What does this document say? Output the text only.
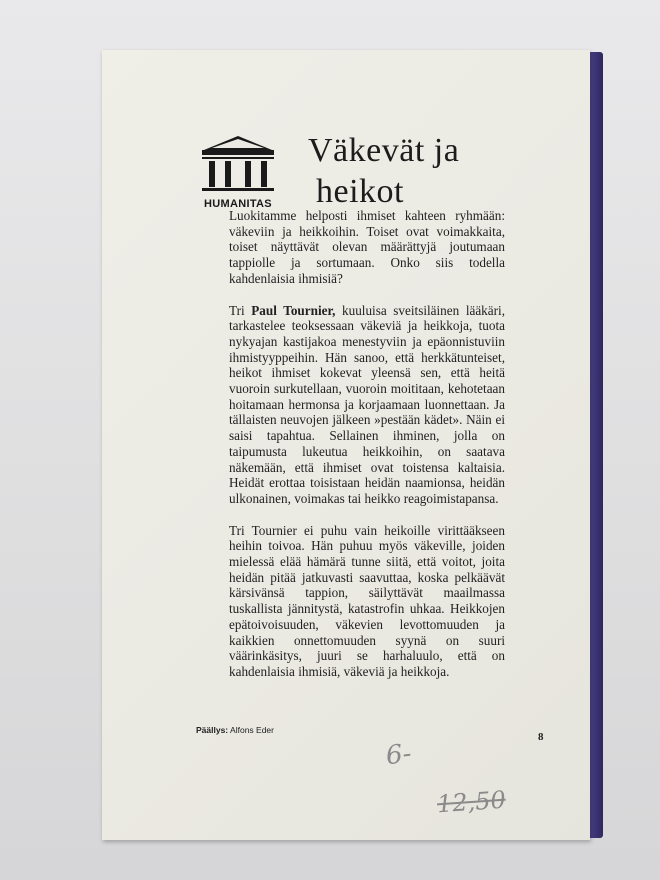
HUMANITAS
Väkevät ja
heikot

Luokitamme helposti ihmiset kahteen ryhmään: väkeviin ja heikkoihin. Toiset ovat voimakkaita, toiset näyttävät olevan määrättyjä joutumaan tappiolle ja sortumaan. Onko siis todella kahdenlaisia ihmisiä?

Tri Paul Tournier, kuuluisa sveitsiläinen lääkäri, tarkastelee teoksessaan väkeviä ja heikkoja, tuota nykyajan kastijakoa menestyviin ja epäonnistuviin ihmistyyppeihin. Hän sanoo, että herkkätunteiset, heikot ihmiset kokevat yleensä sen, että heitä vuoroin surkutellaan, vuoroin moititaan, kehotetaan hoitamaan hermonsa ja korjaamaan luonnettaan. Ja tällaisten neuvojen jälkeen »pestään kädet». Näin ei saisi tapahtua. Sellainen ihminen, jolla on taipumusta lukeutua heikkoihin, on saatava näkemään, että ihmiset ovat toistensa kaltaisia. Heidät erottaa toisistaan heidän naamionsa, heidän ulkonainen, voimakas tai heikko reagoimistapansa.

Tri Tournier ei puhu vain heikoille virittääkseen heihin toivoa. Hän puhuu myös väkeville, joiden mielessä elää hämärä tunne siitä, että voitot, joita heidän pitää jatkuvasti saavuttaa, koska pelkäävät kärsivänsä tappion, säilyttävät maailmassa tuskallista jännitystä, katastrofin uhkaa. Heikkojen epätoivoisuuden, väkevien levottomuuden ja kaikkien onnettomuuden syynä on suuri väärinkäsitys, juuri se harhaluulo, että on kahdenlaisia ihmisiä, väkeviä ja heikkoja.

Päällys: Alfons Eder
8
6-
12,50
